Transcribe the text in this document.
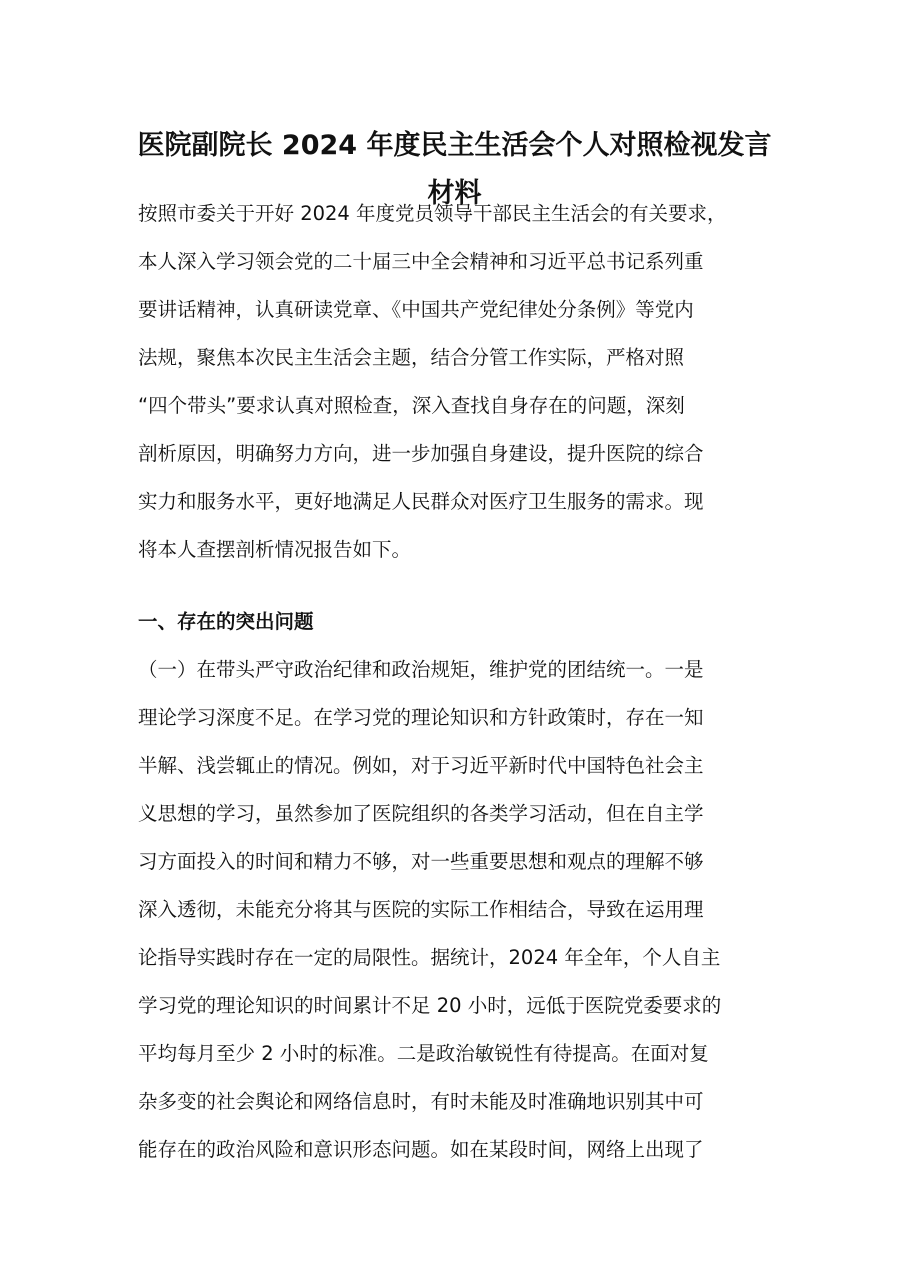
医院副院长 2024 年度民主生活会个人对照检视发言
材料
按照市委关于开好 2024 年度党员领导干部民主生活会的有关要求，
本人深入学习领会党的二十届三中全会精神和习近平总书记系列重
要讲话精神，认真研读党章、《中国共产党纪律处分条例》等党内
法规，聚焦本次民主生活会主题，结合分管工作实际，严格对照
“四个带头”要求认真对照检查，深入查找自身存在的问题，深刻
剖析原因，明确努力方向，进一步加强自身建设，提升医院的综合
实力和服务水平，更好地满足人民群众对医疗卫生服务的需求。现
将本人查摆剖析情况报告如下。
一、存在的突出问题
（一）在带头严守政治纪律和政治规矩，维护党的团结统一。一是
理论学习深度不足。在学习党的理论知识和方针政策时，存在一知
半解、浅尝辄止的情况。例如，对于习近平新时代中国特色社会主
义思想的学习，虽然参加了医院组织的各类学习活动，但在自主学
习方面投入的时间和精力不够，对一些重要思想和观点的理解不够
深入透彻，未能充分将其与医院的实际工作相结合，导致在运用理
论指导实践时存在一定的局限性。据统计，2024 年全年，个人自主
学习党的理论知识的时间累计不足 20 小时，远低于医院党委要求的
平均每月至少 2 小时的标准。二是政治敏锐性有待提高。在面对复
杂多变的社会舆论和网络信息时，有时未能及时准确地识别其中可
能存在的政治风险和意识形态问题。如在某段时间，网络上出现了
